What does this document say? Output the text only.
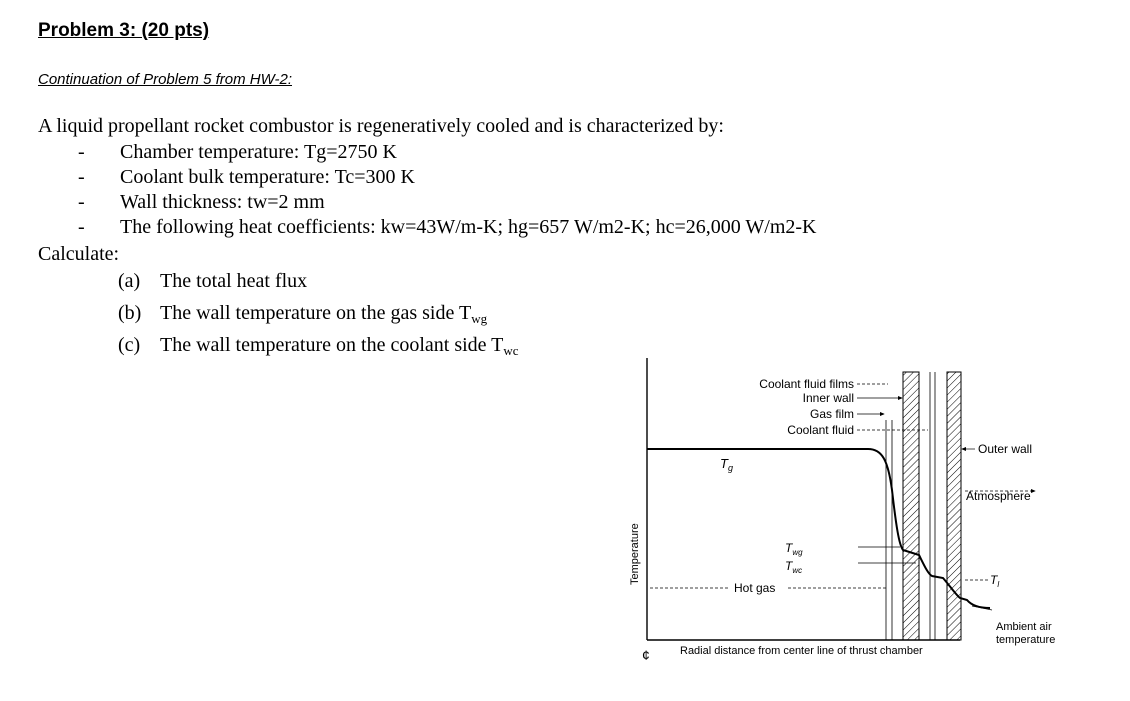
Problem 3: (20 pts)
Continuation of Problem 5 from HW-2:
A liquid propellant rocket combustor is regeneratively cooled and is characterized by:
- Chamber temperature: Tg=2750 K
- Coolant bulk temperature: Tc=300 K
- Wall thickness: tw=2 mm
- The following heat coefficients: kw=43W/m-K; hg=657 W/m2-K; hc=26,000 W/m2-K
Calculate:
(a) The total heat flux
(b) The wall temperature on the gas side $T_{wg}$
(c) The wall temperature on the coolant side $T_{wc}$
Coolant fluid films
Inner wall
Gas film
Coolant fluid
Outer wall
Atmosphere
$T_g$
$T_{wg}$
$T_{wc}$
$T_l$
Hot gas
Ambient air
temperature
Radial distance from center line of thrust chamber
¢
Temperature
